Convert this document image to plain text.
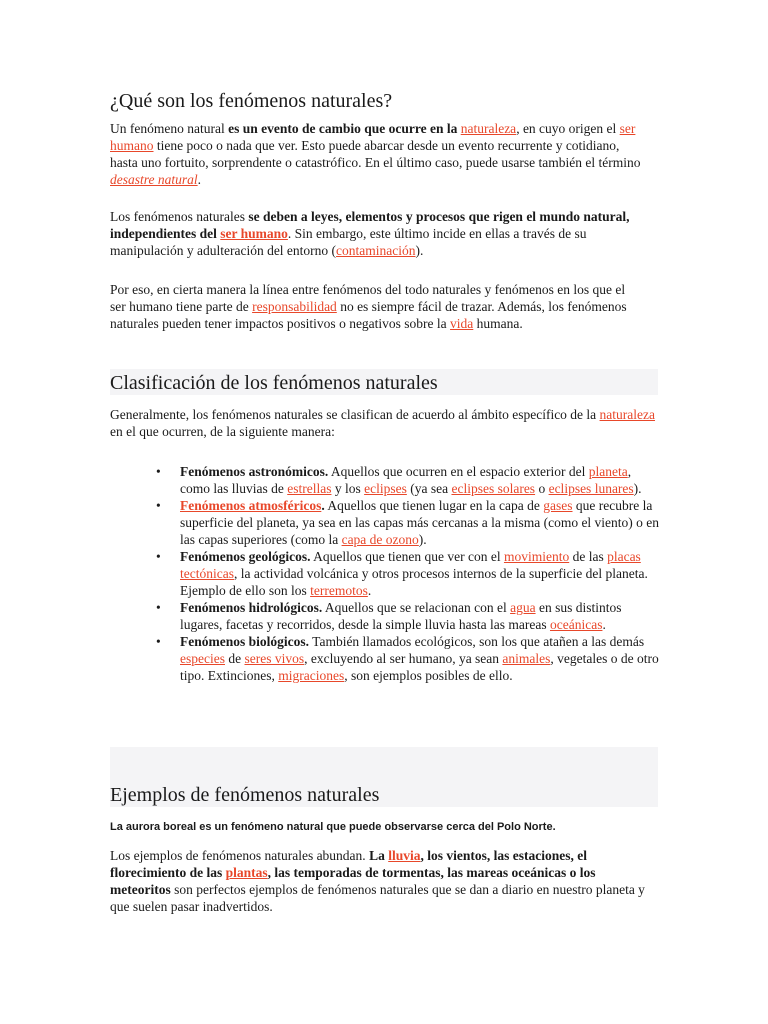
¿Qué son los fenómenos naturales?

Un fenómeno natural es un evento de cambio que ocurre en la naturaleza, en cuyo origen el ser humano tiene poco o nada que ver. Esto puede abarcar desde un evento recurrente y cotidiano, hasta uno fortuito, sorprendente o catastrófico. En el último caso, puede usarse también el término desastre natural.

Los fenómenos naturales se deben a leyes, elementos y procesos que rigen el mundo natural, independientes del ser humano. Sin embargo, este último incide en ellas a través de su manipulación y adulteración del entorno (contaminación).

Por eso, en cierta manera la línea entre fenómenos del todo naturales y fenómenos en los que el ser humano tiene parte de responsabilidad no es siempre fácil de trazar. Además, los fenómenos naturales pueden tener impactos positivos o negativos sobre la vida humana.

Clasificación de los fenómenos naturales

Generalmente, los fenómenos naturales se clasifican de acuerdo al ámbito específico de la naturaleza en el que ocurren, de la siguiente manera:

• Fenómenos astronómicos. Aquellos que ocurren en el espacio exterior del planeta, como las lluvias de estrellas y los eclipses (ya sea eclipses solares o eclipses lunares).
• Fenómenos atmosféricos. Aquellos que tienen lugar en la capa de gases que recubre la superficie del planeta, ya sea en las capas más cercanas a la misma (como el viento) o en las capas superiores (como la capa de ozono).
• Fenómenos geológicos. Aquellos que tienen que ver con el movimiento de las placas tectónicas, la actividad volcánica y otros procesos internos de la superficie del planeta. Ejemplo de ello son los terremotos.
• Fenómenos hidrológicos. Aquellos que se relacionan con el agua en sus distintos lugares, facetas y recorridos, desde la simple lluvia hasta las mareas oceánicas.
• Fenómenos biológicos. También llamados ecológicos, son los que atañen a las demás especies de seres vivos, excluyendo al ser humano, ya sean animales, vegetales o de otro tipo. Extinciones, migraciones, son ejemplos posibles de ello.
Ejemplos de fenómenos naturales

La aurora boreal es un fenómeno natural que puede observarse cerca del Polo Norte.

Los ejemplos de fenómenos naturales abundan. La lluvia, los vientos, las estaciones, el florecimiento de las plantas, las temporadas de tormentas, las mareas oceánicas o los meteoritos son perfectos ejemplos de fenómenos naturales que se dan a diario en nuestro planeta y que suelen pasar inadvertidos.
